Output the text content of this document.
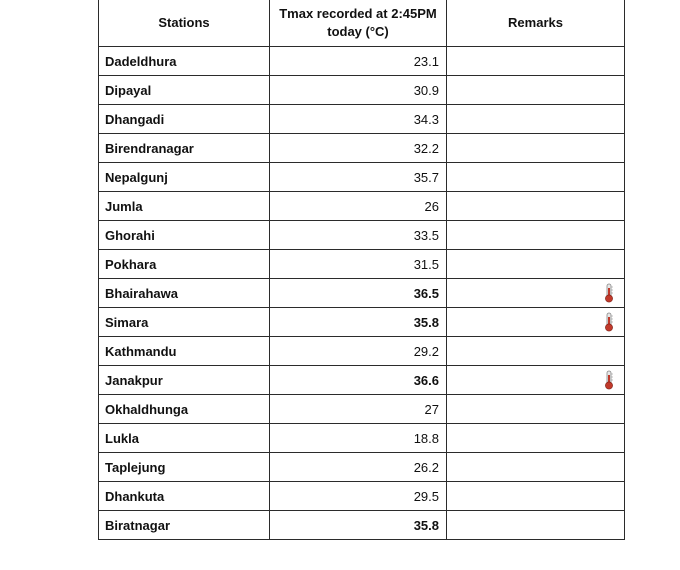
Stations	Tmax recorded at 2:45PM today (°C)	Remarks
Dadeldhura	23.1	
Dipayal	30.9	
Dhangadi	34.3	
Birendranagar	32.2	
Nepalgunj	35.7	
Jumla	26	
Ghorahi	33.5	
Pokhara	31.5	
Bhairahawa	36.5	

Simara	35.8	

Kathmandu	29.2	
Janakpur	36.6	

Okhaldhunga	27	
Lukla	18.8	
Taplejung	26.2	
Dhankuta	29.5	
Biratnagar	35.8	
